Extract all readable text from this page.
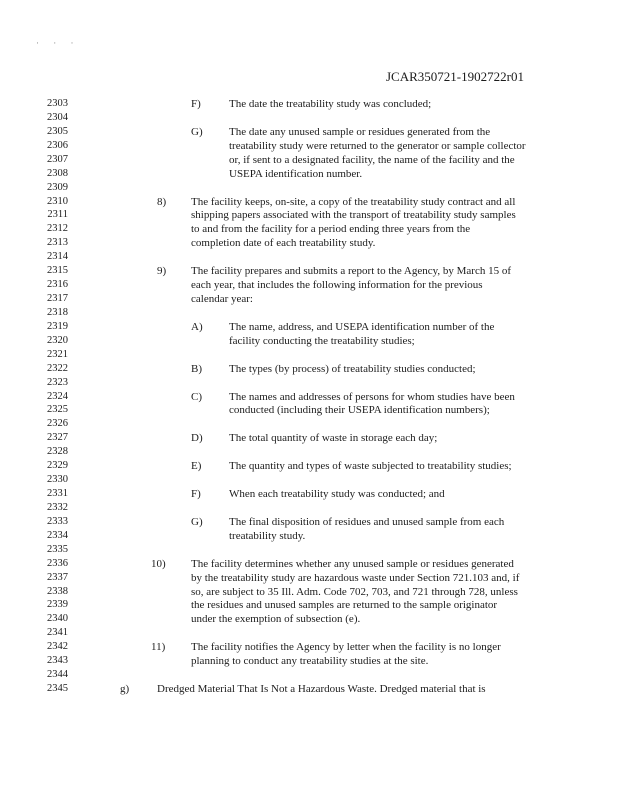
· · ·
JCAR350721-1902722r01
2303
2304
2305
2306
2307
2308
2309
2310
2311
2312
2313
2314
2315
2316
2317
2318
2319
2320
2321
2322
2323
2324
2325
2326
2327
2328
2329
2330
2331
2332
2333
2334
2335
2336
2337
2338
2339
2340
2341
2342
2343
2344
2345
F)	The date the treatability study was concluded;
G) The date any unused sample or residues generated from the
treatability study were returned to the generator or sample collector
or, if sent to a designated facility, the name of the facility and the
USEPA identification number.
8) The facility keeps, on-site, a copy of the treatability study contract and all
shipping papers associated with the transport of treatability study samples
to and from the facility for a period ending three years from the
completion date of each treatability study.
9) The facility prepares and submits a report to the Agency, by March 15 of
each year, that includes the following information for the previous
calendar year:
A) The name, address, and USEPA identification number of the
facility conducting the treatability studies;
B) The types (by process) of treatability studies conducted;
C) The names and addresses of persons for whom studies have been
conducted (including their USEPA identification numbers);
D) The total quantity of waste in storage each day;
E)	The quantity and types of waste subjected to treatability studies;
F)	When each treatability study was conducted; and
G) The final disposition of residues and unused sample from each
treatability study.
10) The facility determines whether any unused sample or residues generated
by the treatability study are hazardous waste under Section 721.103 and, if
so, are subject to 35 Ill. Adm. Code 702, 703, and 721 through 728, unless
the residues and unused samples are returned to the sample originator
under the exemption of subsection (e).
11) The facility notifies the Agency by letter when the facility is no longer
planning to conduct any treatability studies at the site.
g)	Dredged Material That Is Not a Hazardous Waste. Dredged material that is
